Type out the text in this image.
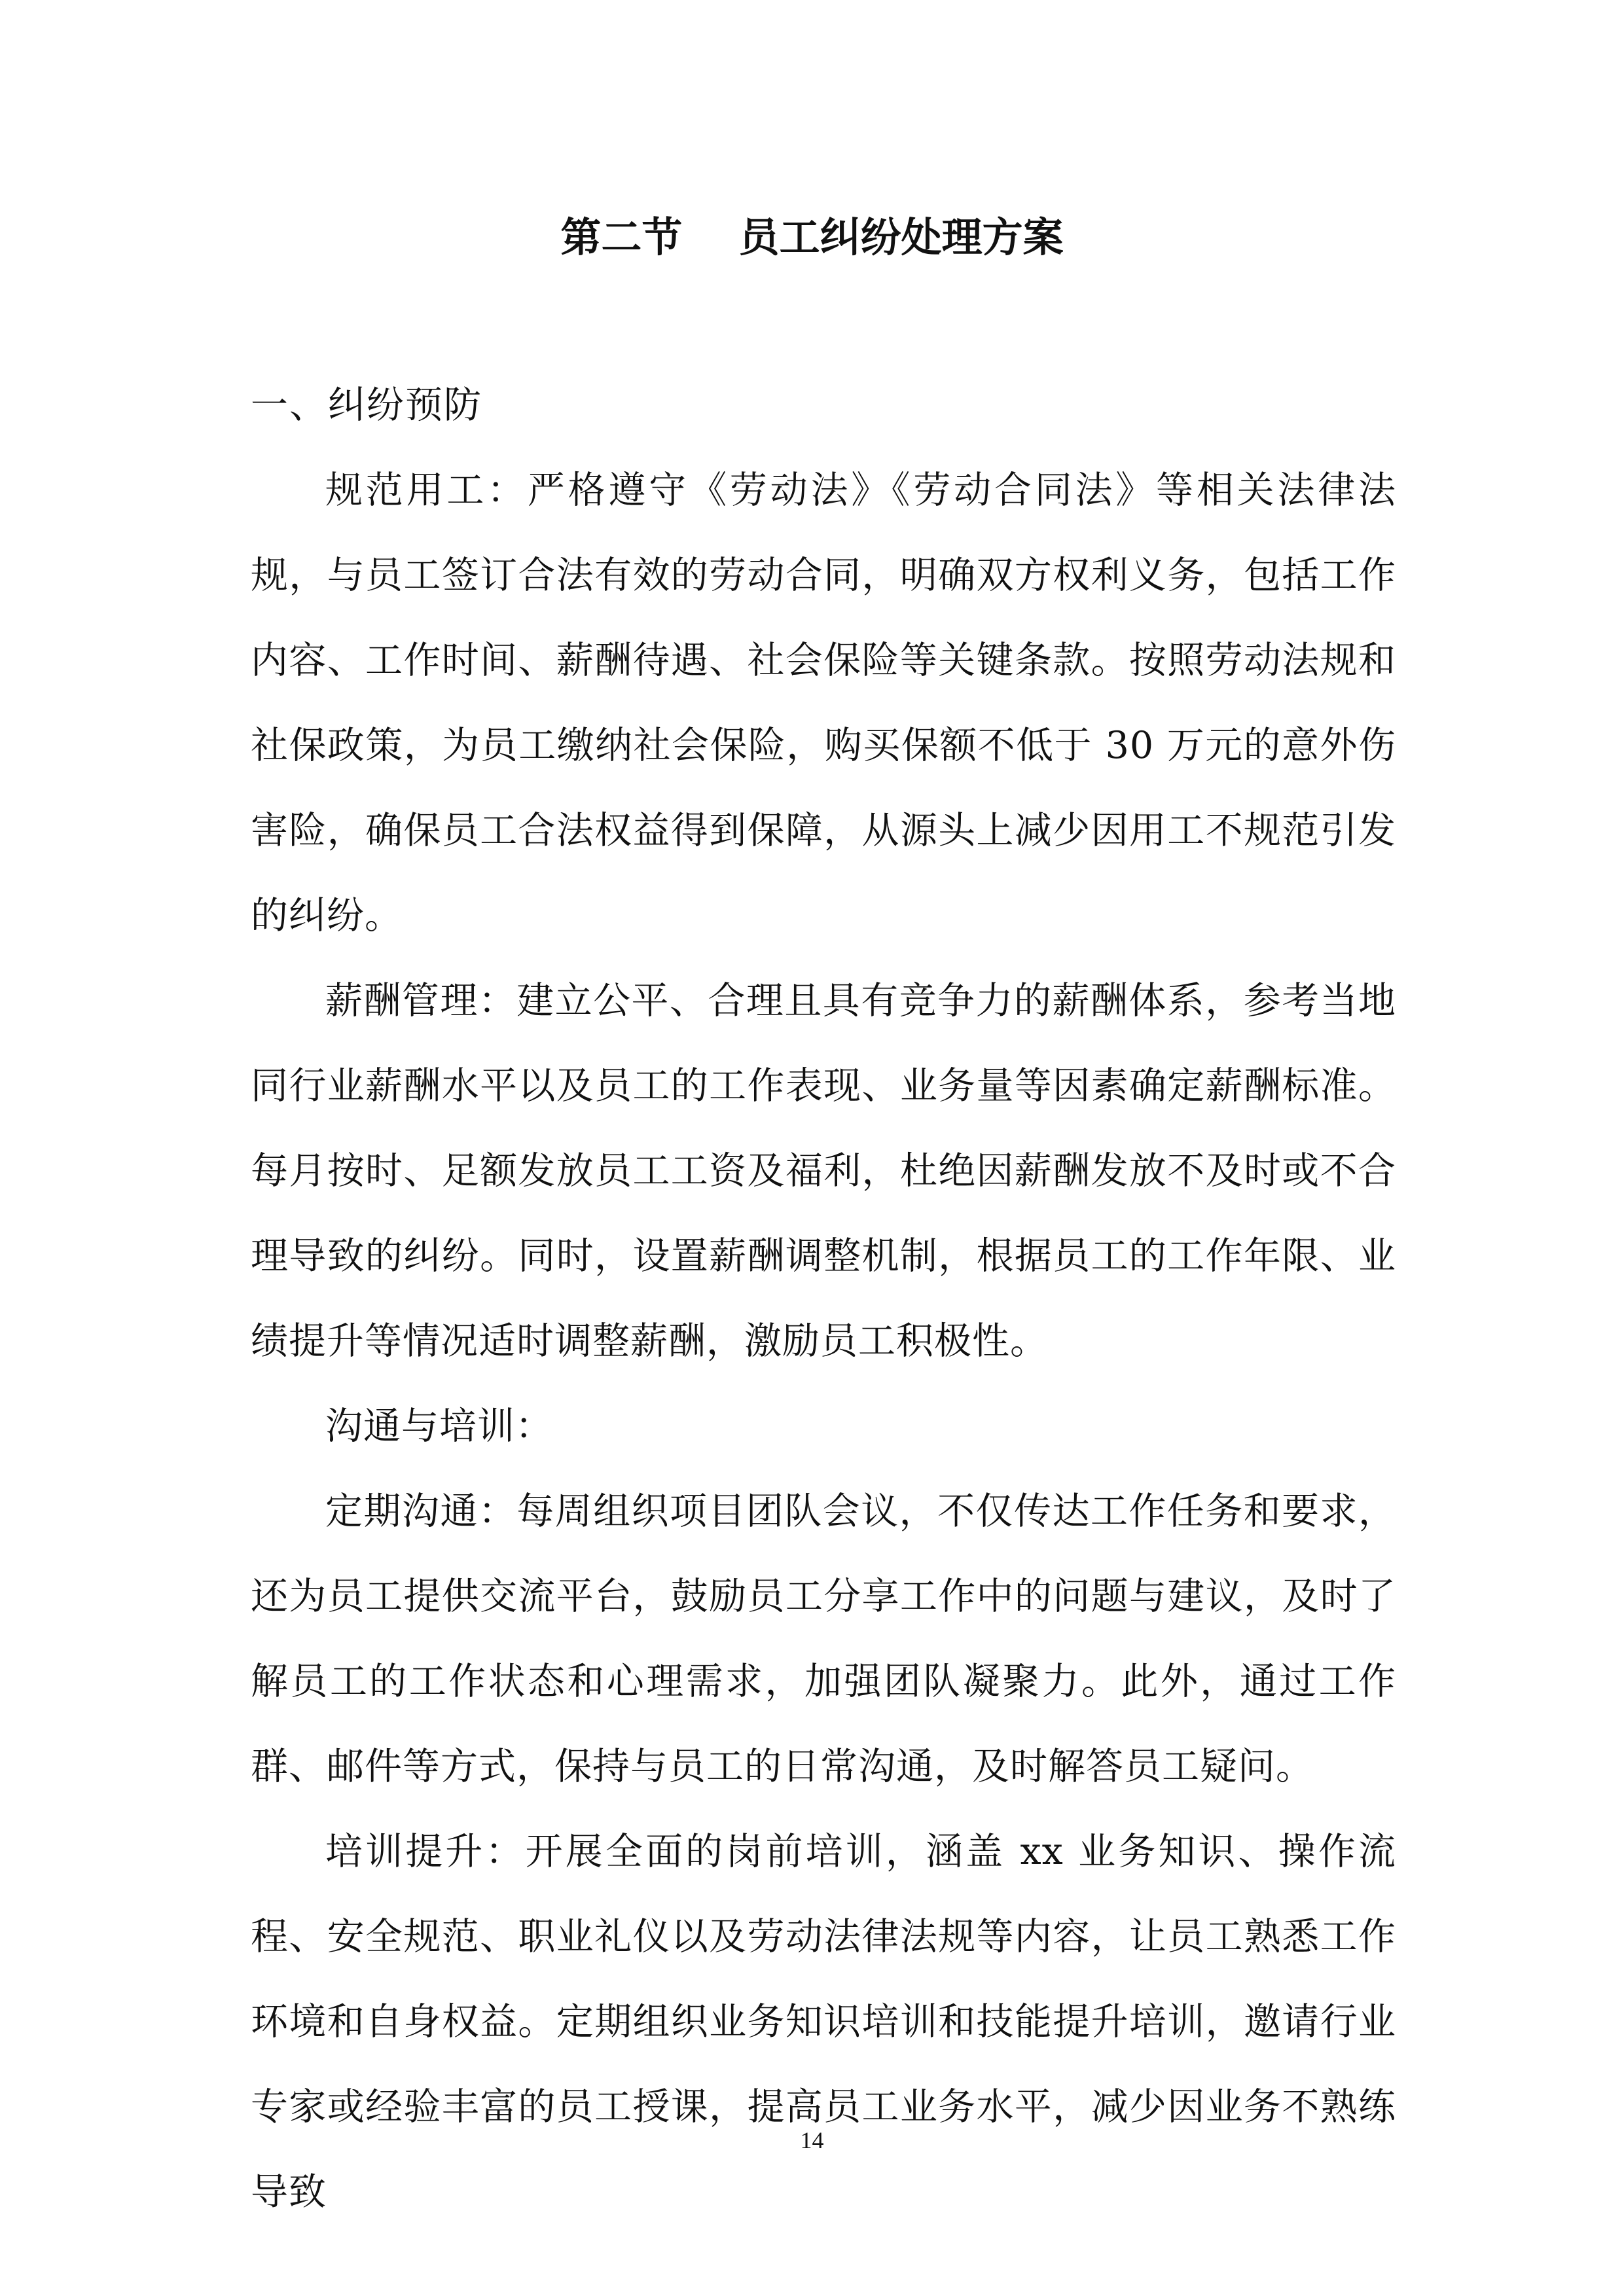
第二节    员工纠纷处理方案
一、纠纷预防

规范用工：严格遵守《劳动法》《劳动合同法》等相关法律法规，与员工签订合法有效的劳动合同，明确双方权利义务，包括工作内容、工作时间、薪酬待遇、社会保险等关键条款。按照劳动法规和社保政策，为员工缴纳社会保险，购买保额不低于 30 万元的意外伤害险，确保员工合法权益得到保障，从源头上减少因用工不规范引发的纠纷。

薪酬管理：建立公平、合理且具有竞争力的薪酬体系，参考当地同行业薪酬水平以及员工的工作表现、业务量等因素确定薪酬标准。每月按时、足额发放员工工资及福利，杜绝因薪酬发放不及时或不合理导致的纠纷。同时，设置薪酬调整机制，根据员工的工作年限、业绩提升等情况适时调整薪酬，激励员工积极性。

沟通与培训：

定期沟通：每周组织项目团队会议，不仅传达工作任务和要求，还为员工提供交流平台，鼓励员工分享工作中的问题与建议，及时了解员工的工作状态和心理需求，加强团队凝聚力。此外，通过工作群、邮件等方式，保持与员工的日常沟通，及时解答员工疑问。

培训提升：开展全面的岗前培训，涵盖 xx 业务知识、操作流程、安全规范、职业礼仪以及劳动法律法规等内容，让员工熟悉工作环境和自身权益。定期组织业务知识培训和技能提升培训，邀请行业专家或经验丰富的员工授课，提高员工业务水平，减少因业务不熟练导致

14
